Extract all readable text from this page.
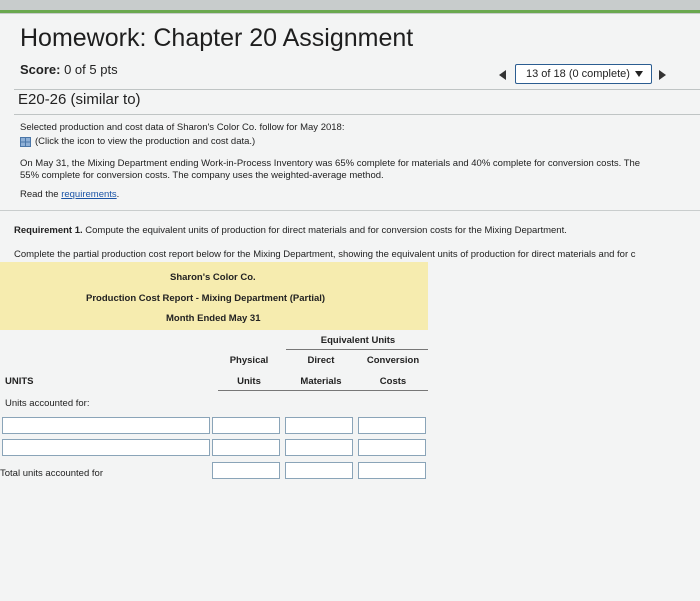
Homework: Chapter 20 Assignment
Score: 0 of 5 pts	13 of 18 (0 complete)
E20-26 (similar to)
Selected production and cost data of Sharon's Color Co. follow for May 2018:
(Click the icon to view the production and cost data.)
On May 31, the Mixing Department ending Work-in-Process Inventory was 65% complete for materials and 40% complete for conversion costs. The
55% complete for conversion costs. The company uses the weighted-average method.
Read the requirements.
Requirement 1. Compute the equivalent units of production for direct materials and for conversion costs for the Mixing Department.
Complete the partial production cost report below for the Mixing Department, showing the equivalent units of production for direct materials and for c
Sharon's Color Co.
Production Cost Report - Mixing Department (Partial)
Month Ended May 31
Equivalent Units
Physical
Units
Direct
Materials
Conversion
Costs
UNITS
Units accounted for:
Total units accounted for
